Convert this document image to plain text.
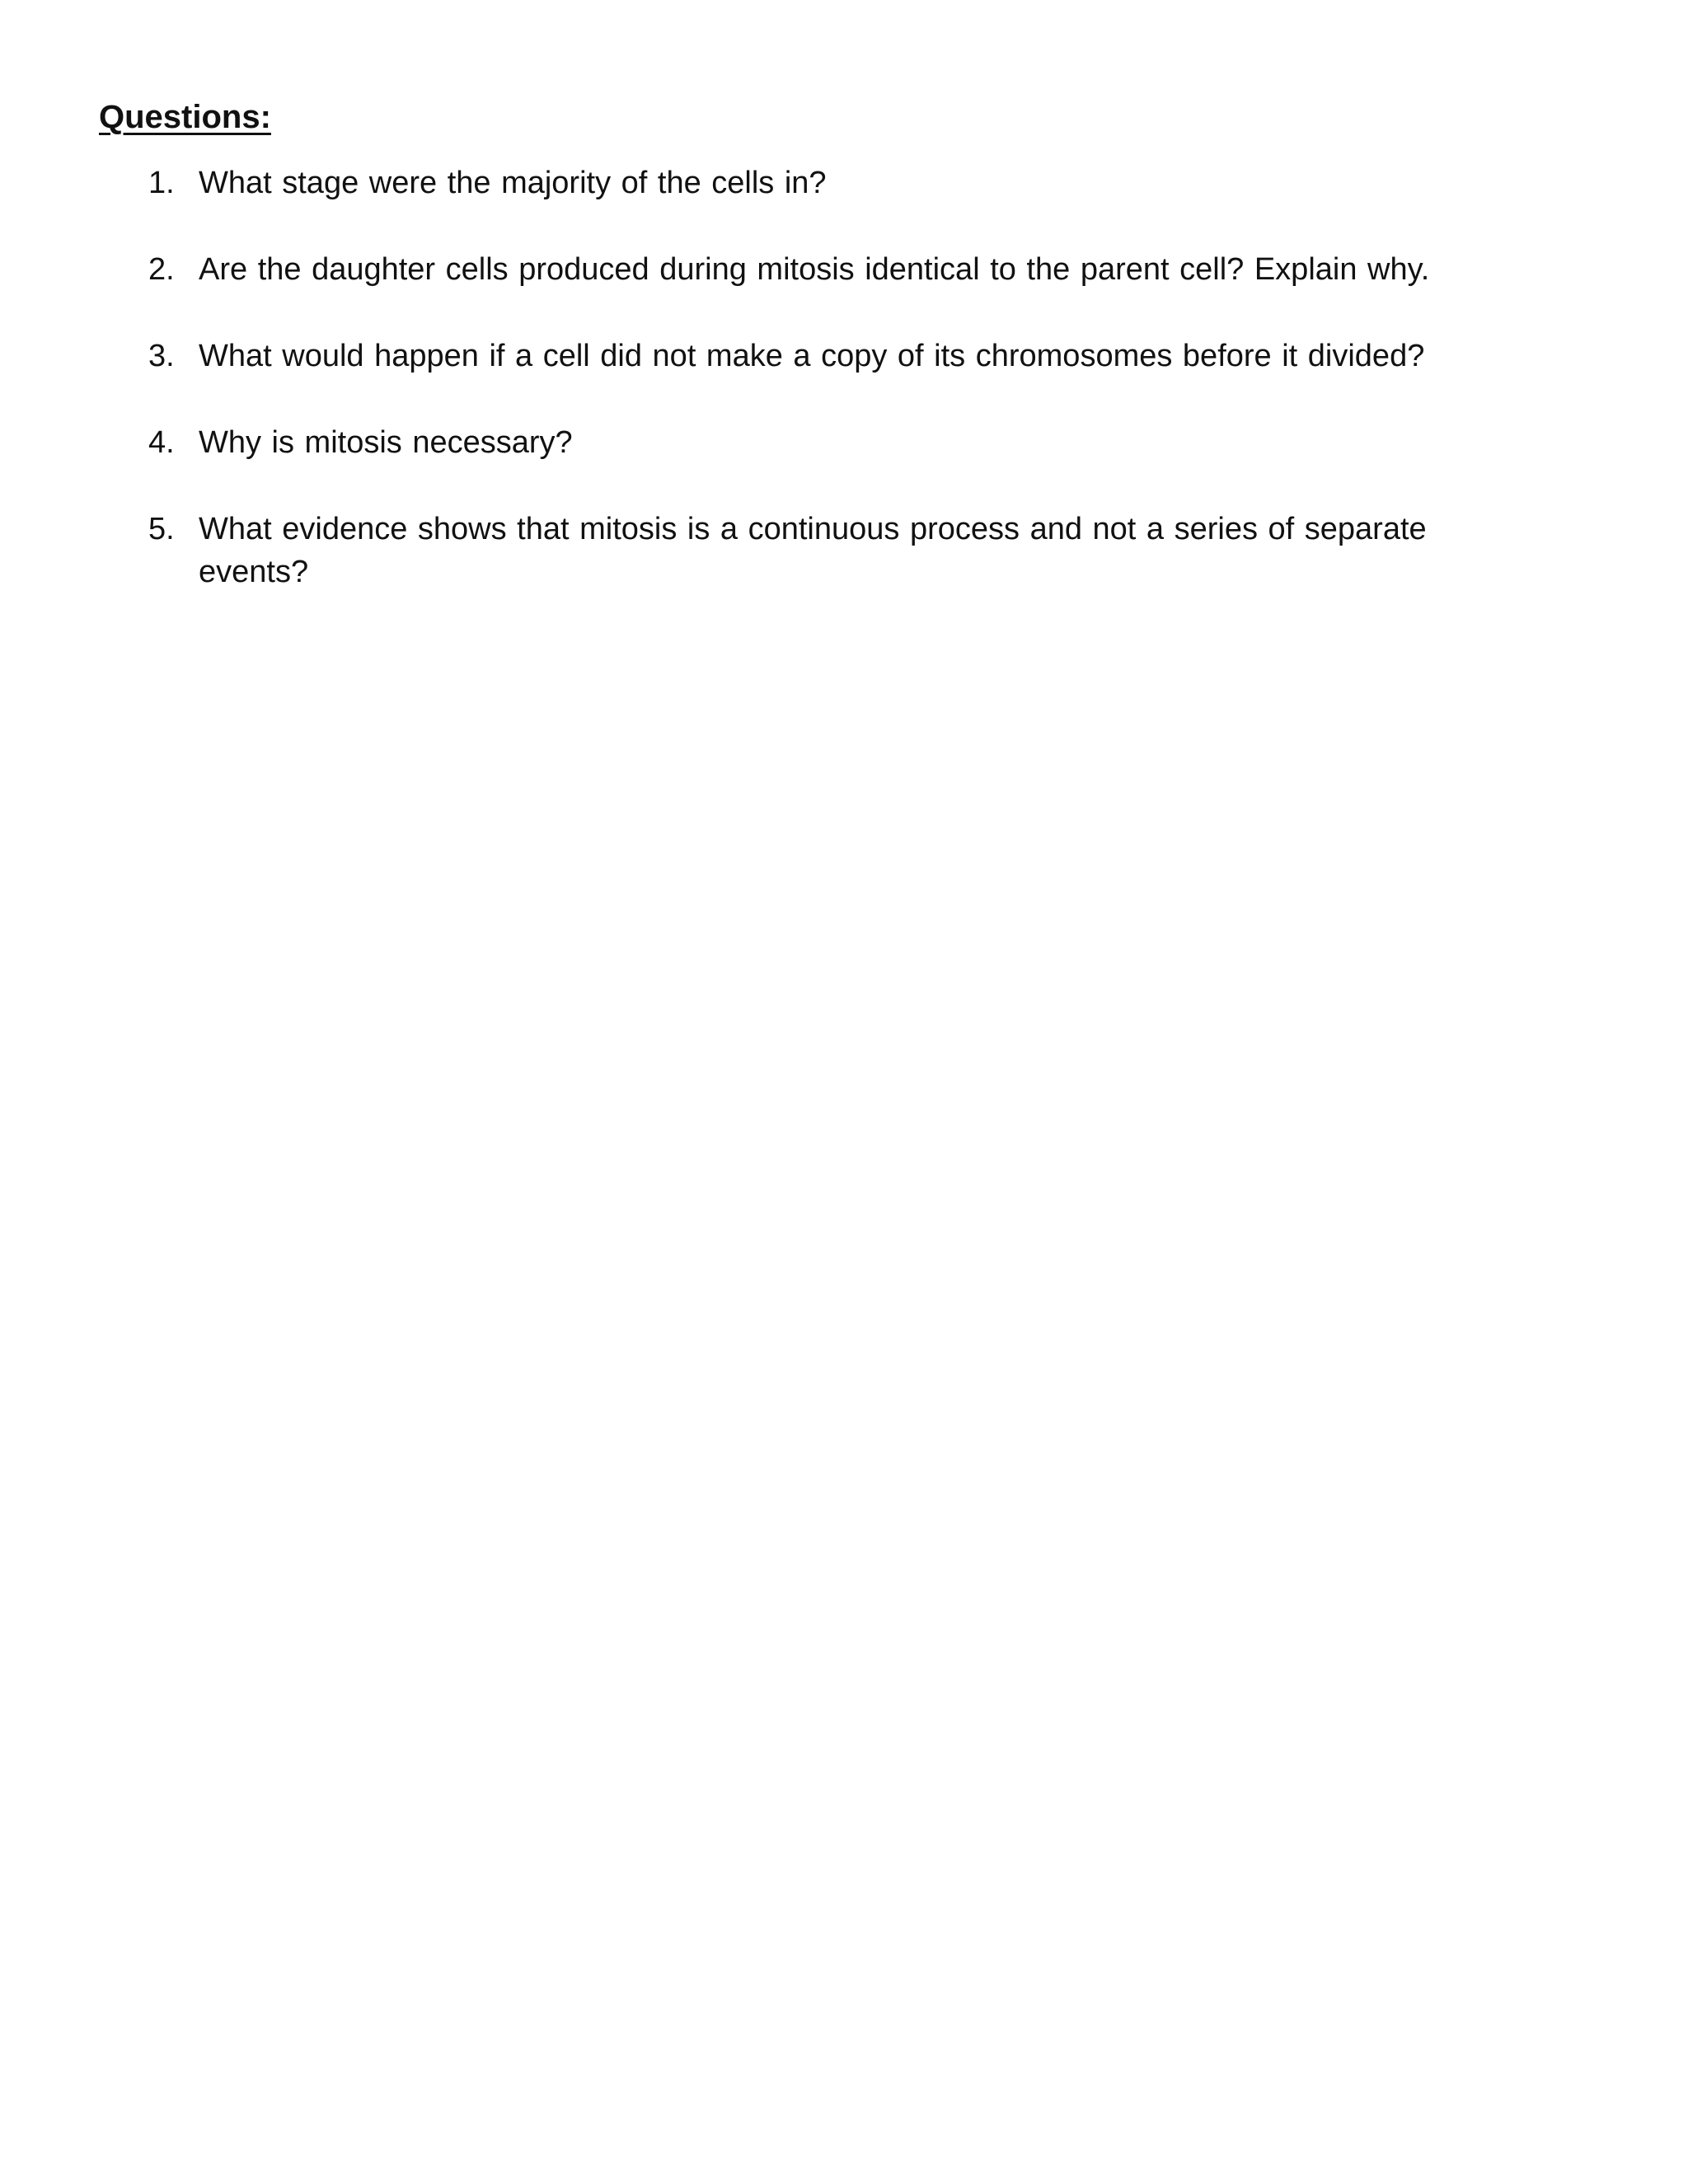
Questions:
1. What stage were the majority of the cells in?
2. Are the daughter cells produced during mitosis identical to the parent cell? Explain why.
3. What would happen if a cell did not make a copy of its chromosomes before it divided?
4. Why is mitosis necessary?
5. What evidence shows that mitosis is a continuous process and not a series of separate events?
